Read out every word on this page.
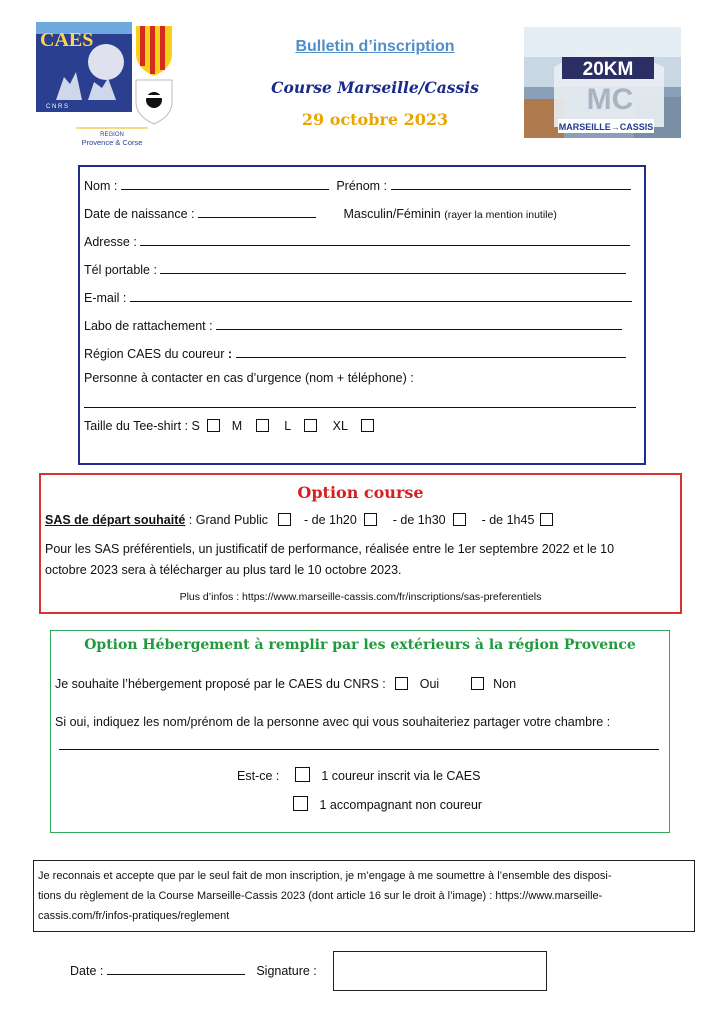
CAES
C N R S
REGION
Provence & Corse
Bulletin d’inscription
Course Marseille/Cassis
29 octobre 2023
20KM
MC
MARSEILLE→CASSIS
Nom :	Prénom :
Date de naissance :	Masculin/Féminin (rayer la mention inutile)
Adresse :
Tél portable :
E-mail :
Labo de rattachement :
Région CAES du coureur :
Personne à contacter en cas d’urgence (nom + téléphone) :
Taille du Tee-shirt : S	M	L	XL
Option course
SAS de départ souhaité : Grand Public	- de 1h20	- de 1h30	- de 1h45
Pour les SAS préférentiels, un justificatif de performance, réalisée entre le 1er septembre 2022 et le 10
octobre 2023 sera à télécharger au plus tard le 10 octobre 2023.
Plus d’infos : https://www.marseille-cassis.com/fr/inscriptions/sas-preferentiels
Option Hébergement à remplir par les extérieurs à la région Provence
Je souhaite l’hébergement proposé par le CAES du CNRS :	Oui	Non
Si oui, indiquez les nom/prénom de la personne avec qui vous souhaiteriez partager votre chambre :
Est-ce :	1 coureur inscrit via le CAES
1 accompagnant non coureur
Je reconnais et accepte que par le seul fait de mon inscription, je m’engage à me soumettre à l’ensemble des disposi-
tions du règlement de la Course Marseille-Cassis 2023 (dont article 16 sur le droit à l’image) : https://www.marseille-
cassis.com/fr/infos-pratiques/reglement
Date :	Signature :
